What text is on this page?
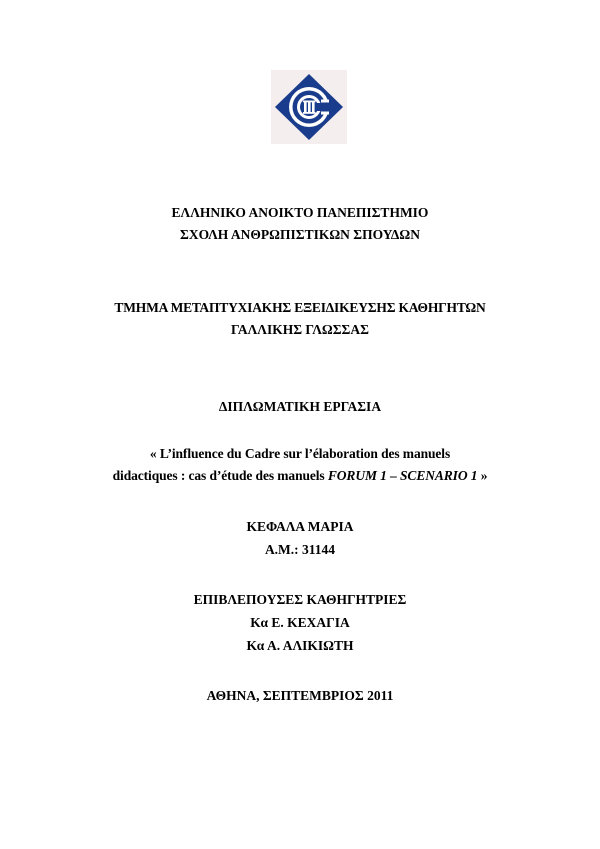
ΕΛΛΗΝΙΚΟ ΑΝΟΙΚΤΟ ΠΑΝΕΠΙΣΤΗΜΙΟ
ΣΧΟΛΗ ΑΝΘΡΩΠΙΣΤΙΚΩΝ ΣΠΟΥΔΩΝ
ΤΜΗΜΑ ΜΕΤΑΠΤΥΧΙΑΚΗΣ ΕΞΕΙΔΙΚΕΥΣΗΣ ΚΑΘΗΓΗΤΩΝ
ΓΑΛΛΙΚΗΣ ΓΛΩΣΣΑΣ
ΔΙΠΛΩΜΑΤΙΚΗ ΕΡΓΑΣΙΑ
« L’influence du Cadre sur l’élaboration des manuels
didactiques : cas d’étude des manuels FORUM 1 – SCENARIO 1 »
ΚΕΦΑΛΑ ΜΑΡΙΑ
Α.Μ.: 31144
ΕΠΙΒΛΕΠΟΥΣΕΣ ΚΑΘΗΓΗΤΡΙΕΣ
Κα Ε. ΚΕΧΑΓΙΑ
Κα Α. ΑΛΙΚΙΩΤΗ
ΑΘΗΝΑ, ΣΕΠΤΕΜΒΡΙΟΣ 2011
